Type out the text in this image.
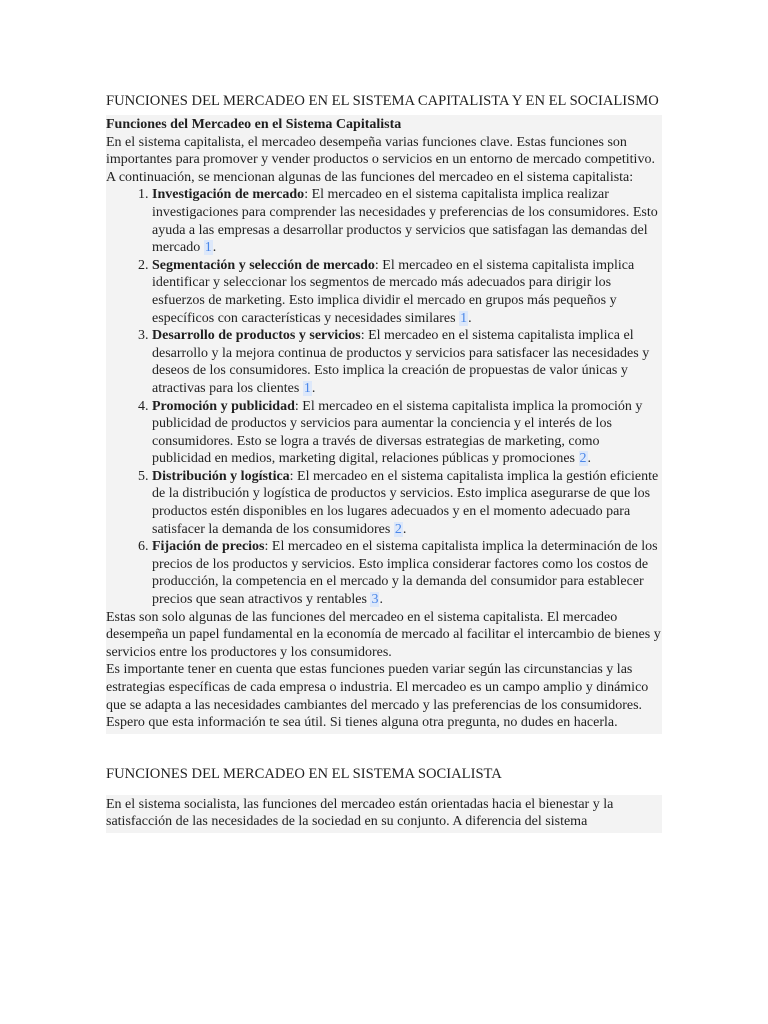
FUNCIONES DEL MERCADEO EN EL SISTEMA CAPITALISTA Y EN EL SOCIALISMO

Funciones del Mercadeo en el Sistema Capitalista

En el sistema capitalista, el mercadeo desempeña varias funciones clave. Estas funciones son importantes para promover y vender productos o servicios en un entorno de mercado competitivo. A continuación, se mencionan algunas de las funciones del mercadeo en el sistema capitalista:

1. Investigación de mercado: El mercadeo en el sistema capitalista implica realizar investigaciones para comprender las necesidades y preferencias de los consumidores. Esto ayuda a las empresas a desarrollar productos y servicios que satisfagan las demandas del mercado 1.
2. Segmentación y selección de mercado: El mercadeo en el sistema capitalista implica identificar y seleccionar los segmentos de mercado más adecuados para dirigir los esfuerzos de marketing. Esto implica dividir el mercado en grupos más pequeños y específicos con características y necesidades similares 1.
3. Desarrollo de productos y servicios: El mercadeo en el sistema capitalista implica el desarrollo y la mejora continua de productos y servicios para satisfacer las necesidades y deseos de los consumidores. Esto implica la creación de propuestas de valor únicas y atractivas para los clientes 1.
4. Promoción y publicidad: El mercadeo en el sistema capitalista implica la promoción y publicidad de productos y servicios para aumentar la conciencia y el interés de los consumidores. Esto se logra a través de diversas estrategias de marketing, como publicidad en medios, marketing digital, relaciones públicas y promociones 2.
5. Distribución y logística: El mercadeo en el sistema capitalista implica la gestión eficiente de la distribución y logística de productos y servicios. Esto implica asegurarse de que los productos estén disponibles en los lugares adecuados y en el momento adecuado para satisfacer la demanda de los consumidores 2.
6. Fijación de precios: El mercadeo en el sistema capitalista implica la determinación de los precios de los productos y servicios. Esto implica considerar factores como los costos de producción, la competencia en el mercado y la demanda del consumidor para establecer precios que sean atractivos y rentables 3.

Estas son solo algunas de las funciones del mercadeo en el sistema capitalista. El mercadeo desempeña un papel fundamental en la economía de mercado al facilitar el intercambio de bienes y servicios entre los productores y los consumidores.

Es importante tener en cuenta que estas funciones pueden variar según las circunstancias y las estrategias específicas de cada empresa o industria. El mercadeo es un campo amplio y dinámico que se adapta a las necesidades cambiantes del mercado y las preferencias de los consumidores.

Espero que esta información te sea útil. Si tienes alguna otra pregunta, no dudes en hacerla.

FUNCIONES DEL MERCADEO EN EL SISTEMA SOCIALISTA

En el sistema socialista, las funciones del mercadeo están orientadas hacia el bienestar y la satisfacción de las necesidades de la sociedad en su conjunto. A diferencia del sistema
